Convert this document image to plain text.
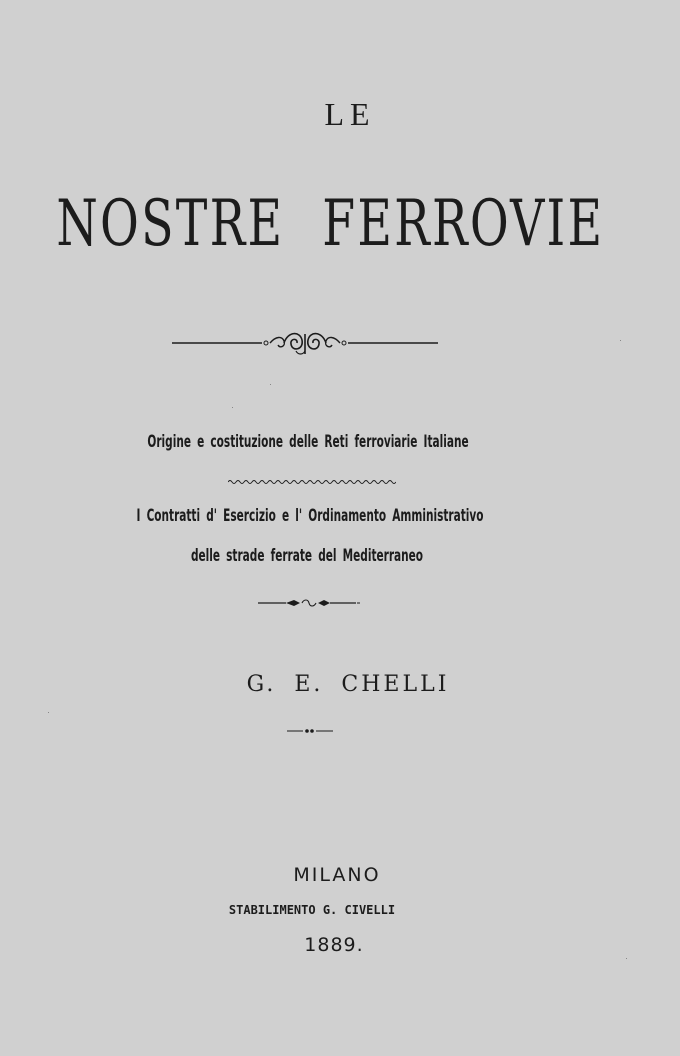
LE
NOSTRE FERROVIE
Origine e costituzione delle Reti ferroviarie Italiane
I Contratti d' Esercizio e l' Ordinamento Amministrativo
delle strade ferrate del Mediterraneo
G. E. CHELLI
MILANO
STABILIMENTO G. CIVELLI
1889.
